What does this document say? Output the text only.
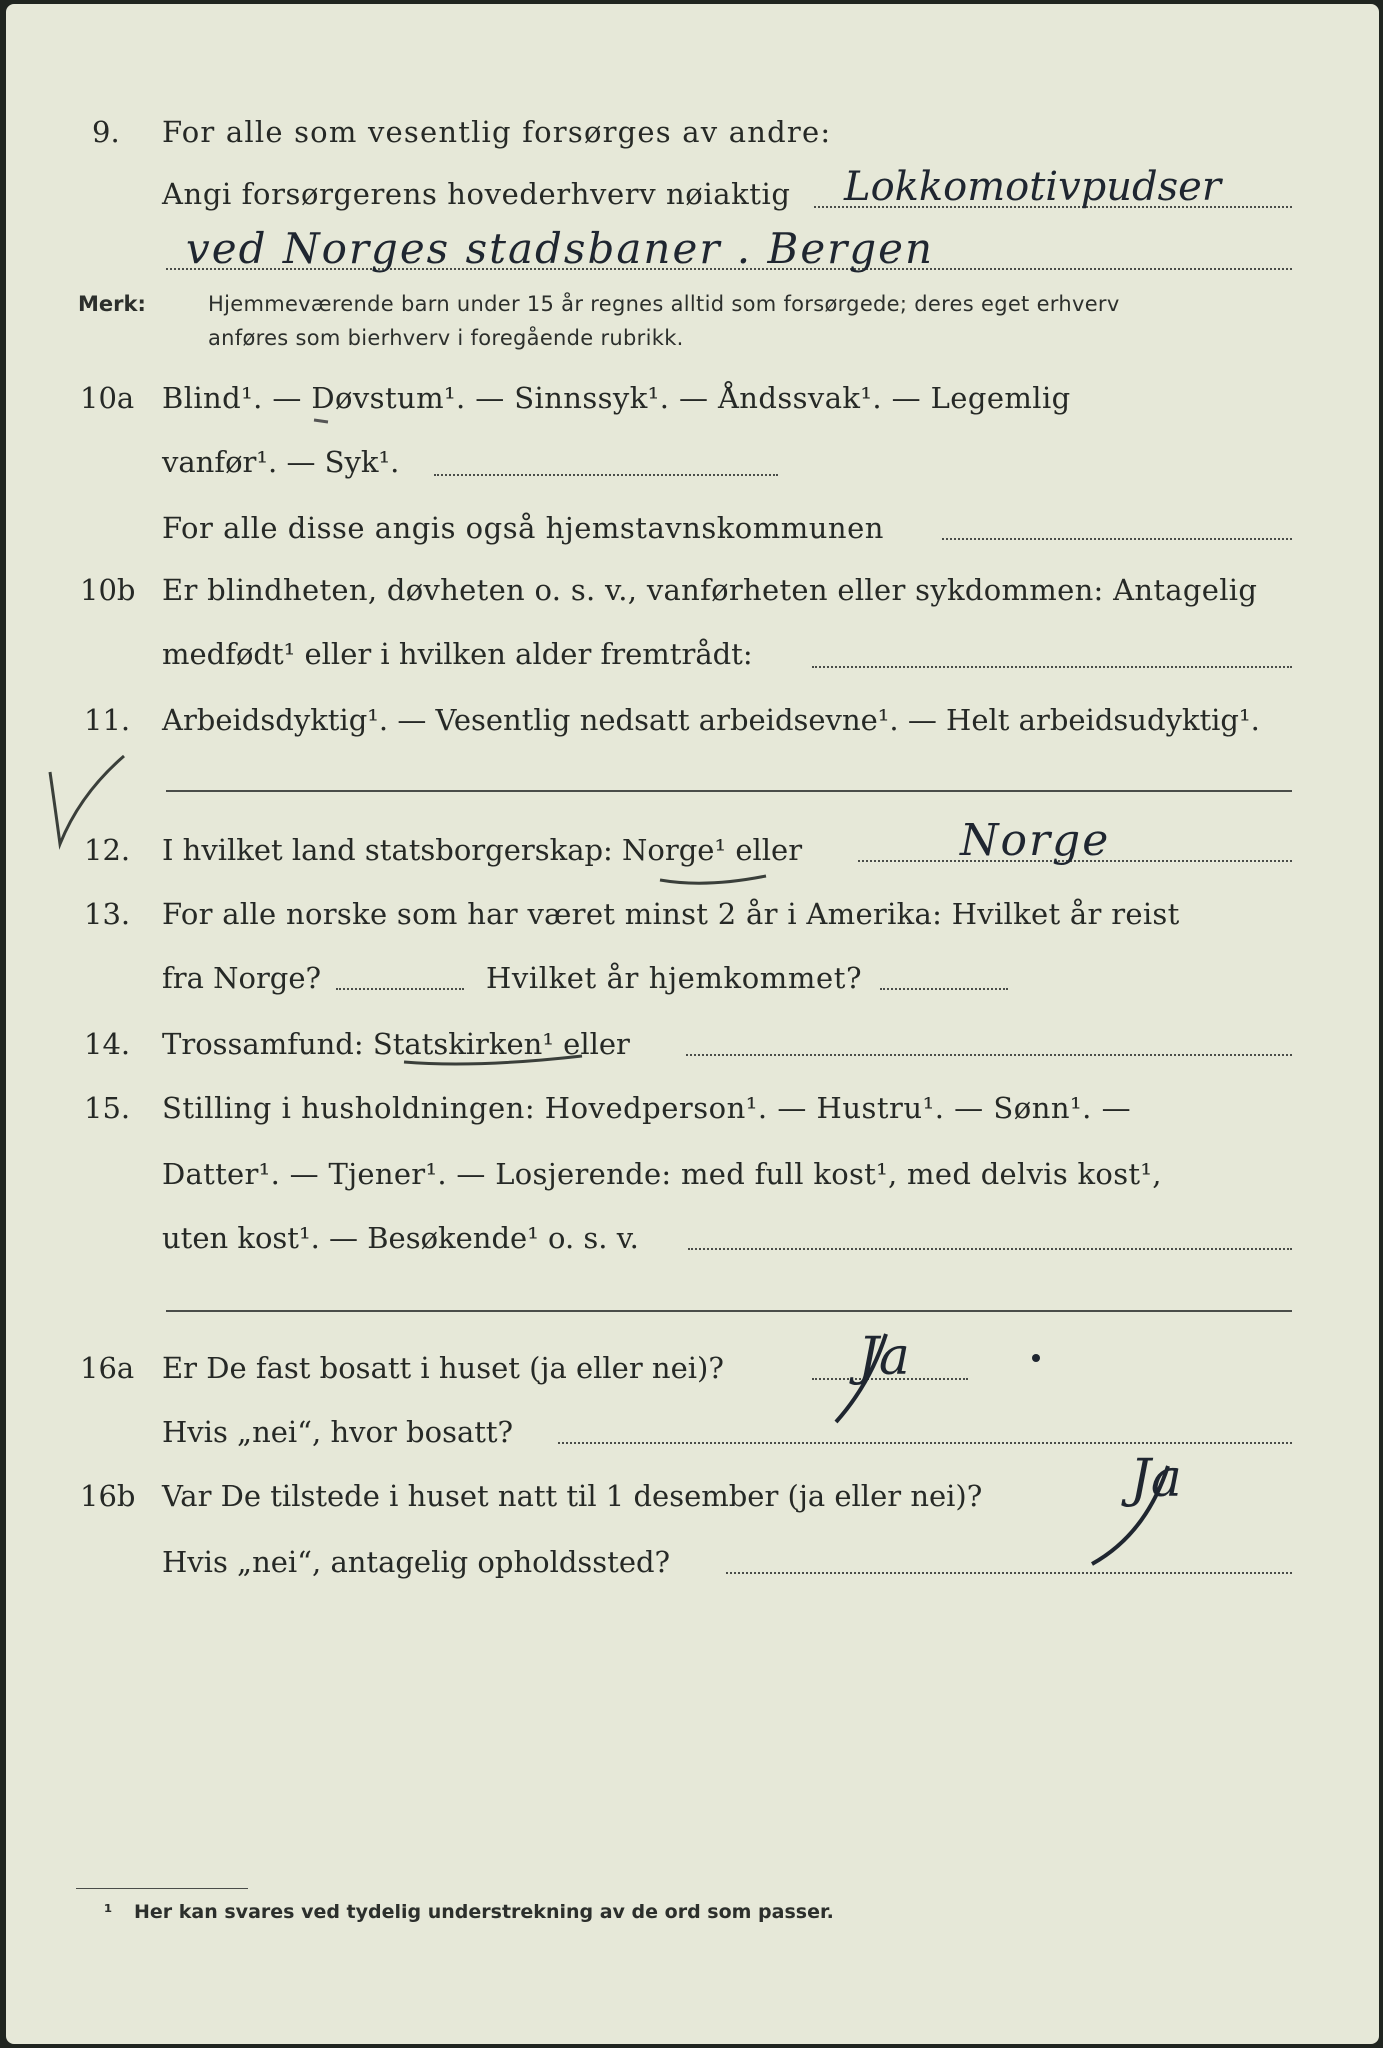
9. For alle som vesentlig forsørges av andre:
Angi forsørgerens hovederhverv nøiaktig Lokkomotivpudser
ved Norges stadsbaner . Bergen
Merk:	Hjemmeværende barn under 15 år regnes alltid som forsørgede; deres eget erhverv
anføres som bierhverv i foregående rubrikk.
10a Blind¹. — Døvstum¹. — Sinnssyk¹. — Åndssvak¹. — Legemlig
vanfør¹. — Syk¹.
For alle disse angis også hjemstavnskommunen
10b Er blindheten, døvheten o. s. v., vanførheten eller sykdommen: Antagelig
medfødt¹ eller i hvilken alder fremtrådt:
11. Arbeidsdyktig¹. — Vesentlig nedsatt arbeidsevne¹. — Helt arbeidsudyktig¹.
12. I hvilket land statsborgerskap: Norge¹ eller	Norge
13. For alle norske som har været minst 2 år i Amerika: Hvilket år reist
fra Norge?	Hvilket år hjemkommet?
14. Trossamfund: Statskirken¹ eller
15. Stilling i husholdningen: Hovedperson¹. — Hustru¹. — Sønn¹. —
Datter¹. — Tjener¹. — Losjerende: med full kost¹, med delvis kost¹,
uten kost¹. — Besøkende¹ o. s. v.
16a Er De fast bosatt i huset (ja eller nei)?	Ja
Hvis „nei“, hvor bosatt?
16b Var De tilstede i huset natt til 1 desember (ja eller nei)?	Ja
Hvis „nei“, antagelig opholdssted?
¹ Her kan svares ved tydelig understrekning av de ord som passer.
